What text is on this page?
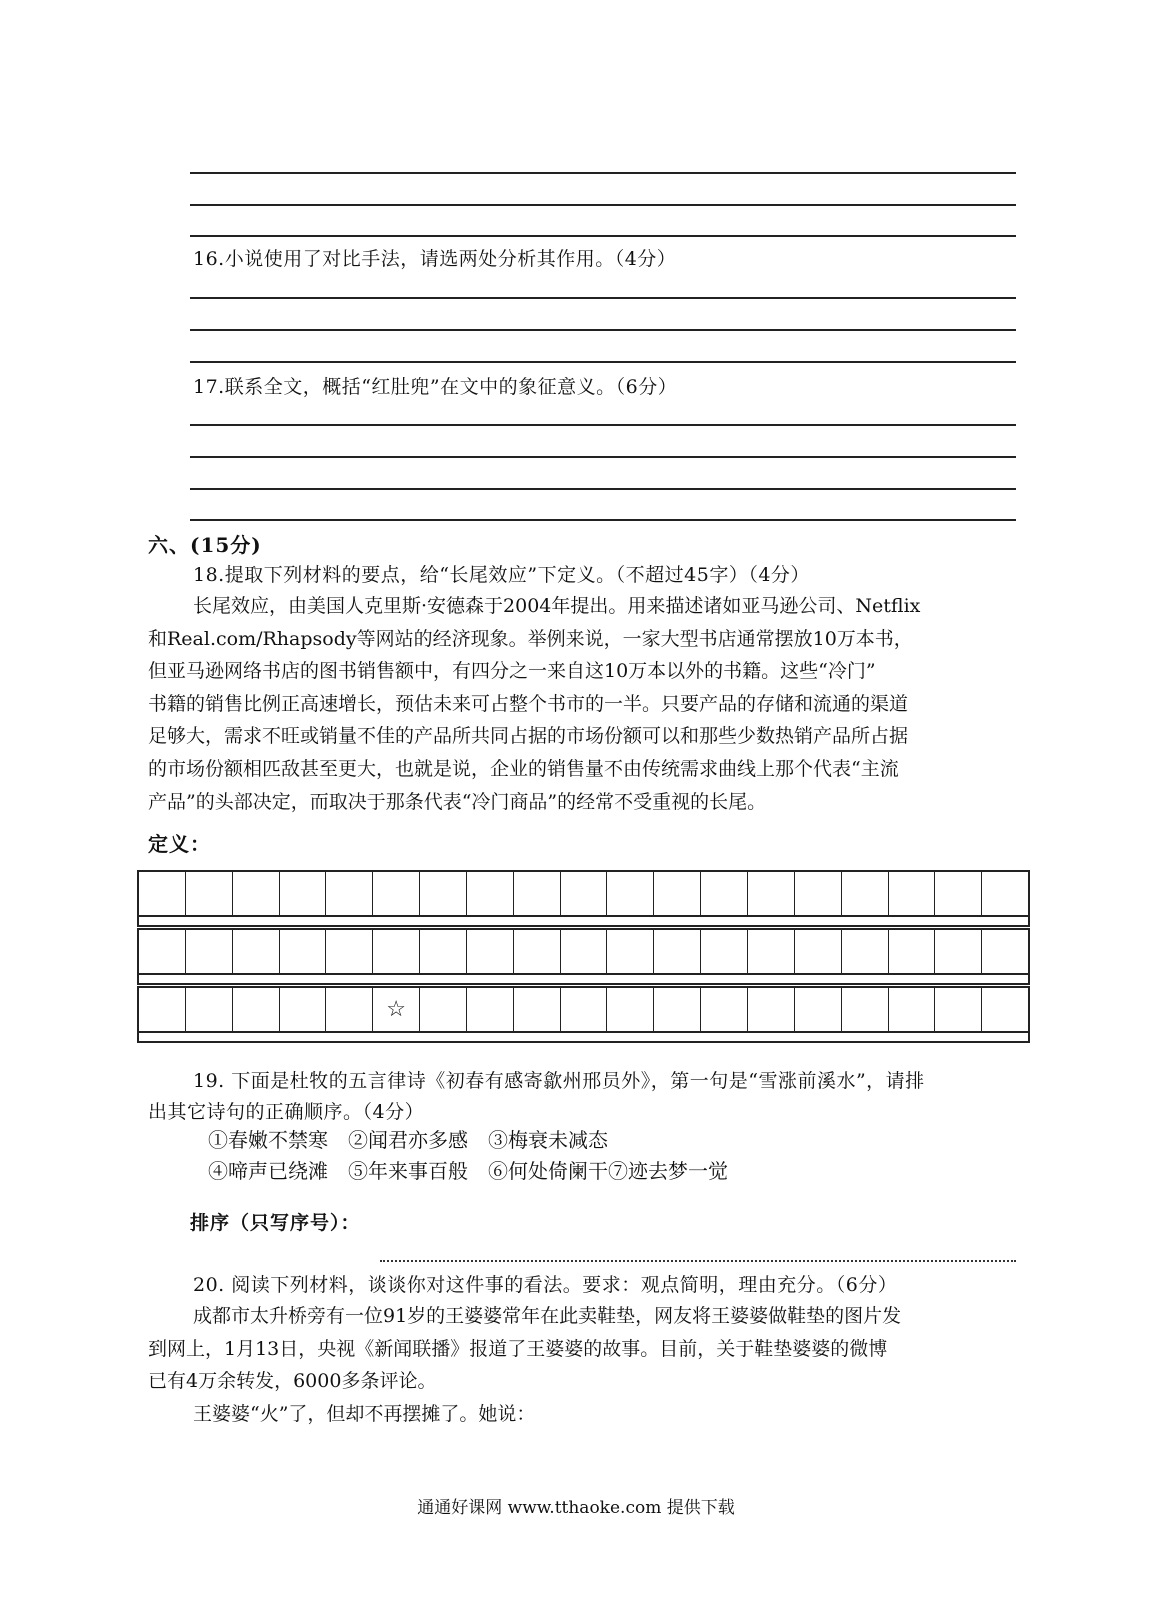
16.小说使用了对比手法，请选两处分析其作用。（4分）
17.联系全文，概括“红肚兜”在文中的象征意义。（6分）
六、(15分)
18.提取下列材料的要点，给“长尾效应”下定义。（不超过45字）（4分）
长尾效应，由美国人克里斯·安德森于2004年提出。用来描述诸如亚马逊公司、Netflix
和Real.com/Rhapsody等网站的经济现象。举例来说，一家大型书店通常摆放10万本书，
但亚马逊网络书店的图书销售额中，有四分之一来自这10万本以外的书籍。这些“冷门”
书籍的销售比例正高速增长，预估未来可占整个书市的一半。只要产品的存储和流通的渠道
足够大，需求不旺或销量不佳的产品所共同占据的市场份额可以和那些少数热销产品所占据
的市场份额相匹敌甚至更大，也就是说，企业的销售量不由传统需求曲线上那个代表“主流
产品”的头部决定，而取决于那条代表“冷门商品”的经常不受重视的长尾。
定义：
☆
19. 下面是杜牧的五言律诗《初春有感寄歙州邢员外》，第一句是“雪涨前溪水”，请排
出其它诗句的正确顺序。（4分）
①春嫩不禁寒　②闻君亦多感　③梅衰未减态
④啼声已绕滩　⑤年来事百般　⑥何处倚阑干⑦迹去梦一觉
排序（只写序号）：
20. 阅读下列材料，谈谈你对这件事的看法。要求：观点简明，理由充分。（6分）
成都市太升桥旁有一位91岁的王婆婆常年在此卖鞋垫，网友将王婆婆做鞋垫的图片发
到网上，1月13日，央视《新闻联播》报道了王婆婆的故事。目前，关于鞋垫婆婆的微博
已有4万余转发，6000多条评论。
王婆婆“火”了，但却不再摆摊了。她说：
通通好课网 www.tthaoke.com 提供下载
